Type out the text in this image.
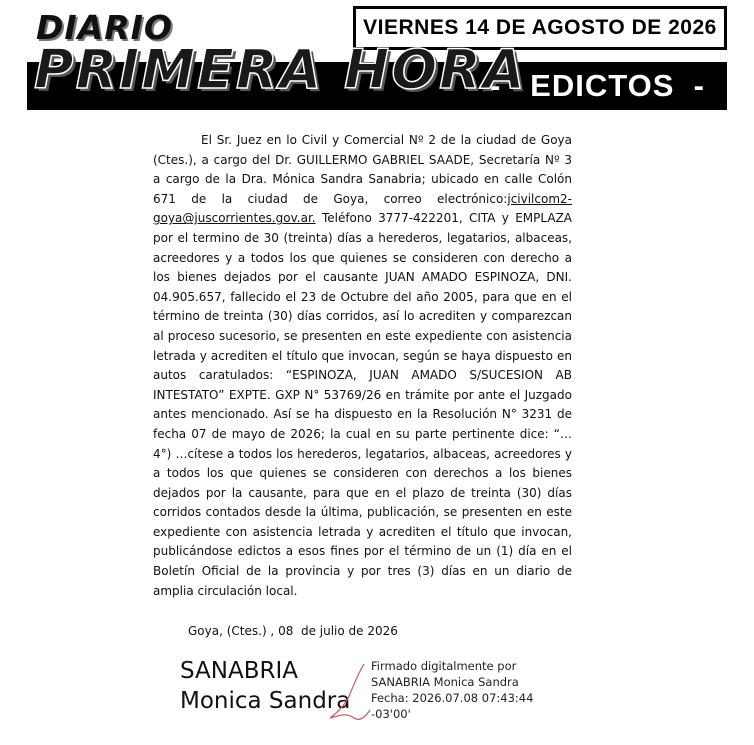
DIARIO	VIERNES 14 DE AGOSTO DE 2026
PRIMERA HORA
-   EDICTOS  -
El Sr. Juez en lo Civil y Comercial Nº 2 de la ciudad de Goya (Ctes.), a cargo del Dr. GUILLERMO GABRIEL SAADE, Secretaría Nº 3 a cargo de la Dra. Mónica Sandra Sanabria; ubicado en calle Colón 671 de la ciudad de Goya, correo electrónico:jcivilcom2-goya@juscorrientes.gov.ar. Teléfono 3777-422201, CITA y EMPLAZA por el termino de 30 (treinta) días a herederos, legatarios, albaceas, acreedores y a todos los que quienes se consideren con derecho a los bienes dejados por el causante JUAN AMADO ESPINOZA, DNI. 04.905.657, fallecido el 23 de Octubre del año 2005, para que en el término de treinta (30) días corridos, así lo acrediten y comparezcan al proceso sucesorio, se presenten en este expediente con asistencia letrada y acrediten el título que invocan, según se haya dispuesto en autos caratulados: “ESPINOZA, JUAN AMADO S/SUCESION AB INTESTATO” EXPTE. GXP N° 53769/26 en trámite por ante el Juzgado antes mencionado. Así se ha dispuesto en la Resolución N° 3231 de fecha 07 de mayo de 2026; la cual en su parte pertinente dice: “…4°) …cítese a todos los herederos, legatarios, albaceas, acreedores y a todos los que quienes se consideren con derechos a los bienes dejados por la causante, para que en el plazo de treinta (30) días corridos contados desde la última, publicación, se presenten en este expediente con asistencia letrada y acrediten el título que invocan, publicándose edictos a esos fines por el término de un (1) día en el Boletín Oficial de la provincia y por tres (3) días en un diario de amplia circulación local.
Goya, (Ctes.) , 08  de julio de 2026
SANABRIA
Monica Sandra
Firmado digitalmente por
SANABRIA Monica Sandra
Fecha: 2026.07.08 07:43:44
-03'00'
